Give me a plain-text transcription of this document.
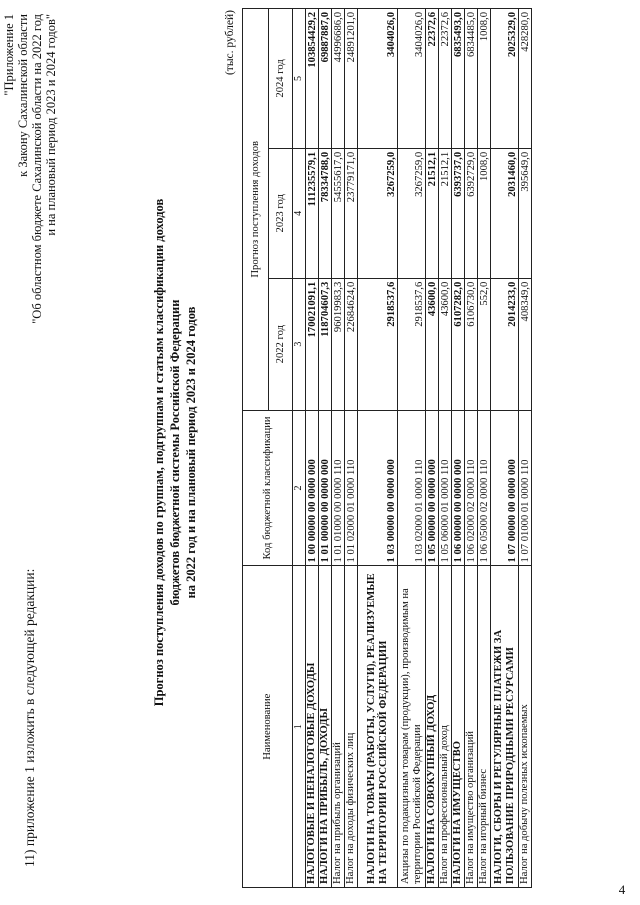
4
11) приложение 1 изложить в следующей редакции:
"Приложение 1 к Закону Сахалинской области "Об областном бюджете Сахалинской области на 2022 год и на плановый период 2023 и 2024 годов"
Прогноз поступления доходов по группам, подгруппам и статьям классификации доходов бюджетов бюджетной системы Российской Федерации на 2022 год и на плановый период 2023 и 2024 годов
(тыс. рублей)
Наименование	Код бюджетной классификации	Прогноз поступления доходов		
		2022 год	2023 год	2024 год
1	2	3	4	5
НАЛОГОВЫЕ И НЕНАЛОГОВЫЕ ДОХОДЫ	1 00 00000 00 0000 000	170021091,1	111235579,1	103854429,2
НАЛОГИ НА ПРИБЫЛЬ, ДОХОДЫ	1 01 00000 00 0000 000	118704607,3	78334788,0	69887887,0
Налог на прибыль организаций	1 01 01000 00 0000 110	96019983,3	54555617,0	44996686,0
Налог на доходы физических лиц	1 01 02000 01 0000 110	22684624,0	23779171,0	24891201,0
НАЛОГИ НА ТОВАРЫ (РАБОТЫ, УСЛУГИ), РЕАЛИЗУЕМЫЕ НА ТЕРРИТОРИИ РОССИЙСКОЙ ФЕДЕРАЦИИ	1 03 00000 00 0000 000	2918537,6	3267259,0	3404026,0
Акцизы по подакцизным товарам (продукции), производимым на территории Российской Федерации	1 03 02000 01 0000 110	2918537,6	3267259,0	3404026,0
НАЛОГИ НА СОВОКУПНЫЙ ДОХОД	1 05 00000 00 0000 000	43600,0	21512,1	22372,6
Налог на профессиональный доход	1 05 06000 01 0000 110	43600,0	21512,1	22372,6
НАЛОГИ НА ИМУЩЕСТВО	1 06 00000 00 0000 000	6107282,0	6393737,0	6835493,0
Налог на имущество организаций	1 06 02000 02 0000 110	6106730,0	6392729,0	6834485,0
Налог на игорный бизнес	1 06 05000 02 0000 110	552,0	1008,0	1008,0
НАЛОГИ, СБОРЫ И РЕГУЛЯРНЫЕ ПЛАТЕЖИ ЗА ПОЛЬЗОВАНИЕ ПРИРОДНЫМИ РЕСУРСАМИ	1 07 00000 00 0000 000	2014233,0	2031460,0	2025329,0
Налог на добычу полезных ископаемых	1 07 01000 01 0000 110	408349,0	395649,0	428280,0
